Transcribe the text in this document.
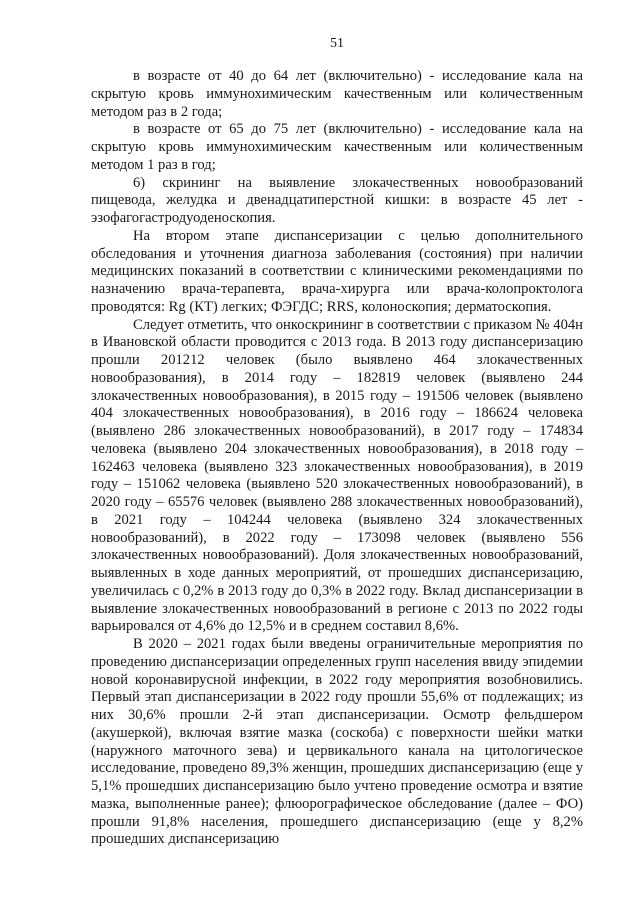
51

в возрасте от 40 до 64 лет (включительно) - исследование кала на скрытую кровь иммунохимическим качественным или количественным методом раз в 2 года;

в возрасте от 65 до 75 лет (включительно) - исследование кала на скрытую кровь иммунохимическим качественным или количественным методом 1 раз в год;

6) скрининг на выявление злокачественных новообразований пищевода, желудка и двенадцатиперстной кишки: в возрасте 45 лет - эзофагогастродуоденоскопия.

На втором этапе диспансеризации с целью дополнительного обследования и уточнения диагноза заболевания (состояния) при наличии медицинских показаний в соответствии с клиническими рекомендациями по назначению врача-терапевта, врача-хирурга или врача-колопроктолога проводятся: Rg (КТ) легких; ФЭГДС; RRS, колоноскопия; дерматоскопия.

Следует отметить, что онкоскрининг в соответствии с приказом № 404н в Ивановской области проводится с 2013 года. В 2013 году диспансеризацию прошли 201212 человек (было выявлено 464 злокачественных новообразования), в 2014 году – 182819 человек (выявлено 244 злокачественных новообразования), в 2015 году – 191506 человек (выявлено 404 злокачественных новообразования), в 2016 году – 186624 человека (выявлено 286 злокачественных новообразований), в 2017 году – 174834 человека (выявлено 204 злокачественных новообразования), в 2018 году – 162463 человека (выявлено 323 злокачественных новообразования), в 2019 году – 151062 человека (выявлено 520 злокачественных новообразований), в 2020 году – 65576 человек (выявлено 288 злокачественных новообразований), в 2021 году – 104244 человека (выявлено 324 злокачественных новообразований), в 2022 году – 173098 человек (выявлено 556 злокачественных новообразований). Доля злокачественных новообразований, выявленных в ходе данных мероприятий, от прошедших диспансеризацию, увеличилась с 0,2% в 2013 году до 0,3% в 2022 году. Вклад диспансеризации в выявление злокачественных новообразований в регионе с 2013 по 2022 годы варьировался от 4,6% до 12,5% и в среднем составил 8,6%.

В 2020 – 2021 годах были введены ограничительные мероприятия по проведению диспансеризации определенных групп населения ввиду эпидемии новой коронавирусной инфекции, в 2022 году мероприятия возобновились. Первый этап диспансеризации в 2022 году прошли 55,6% от подлежащих; из них 30,6% прошли 2-й этап диспансеризации. Осмотр фельдшером (акушеркой), включая взятие мазка (соскоба) с поверхности шейки матки (наружного маточного зева) и цервикального канала на цитологическое исследование, проведено 89,3% женщин, прошедших диспансеризацию (еще у 5,1% прошедших диспансеризацию было учтено проведение осмотра и взятие мазка, выполненные ранее); флюорографическое обследование (далее – ФО) прошли 91,8% населения, прошедшего диспансеризацию (еще у 8,2% прошедших диспансеризацию
